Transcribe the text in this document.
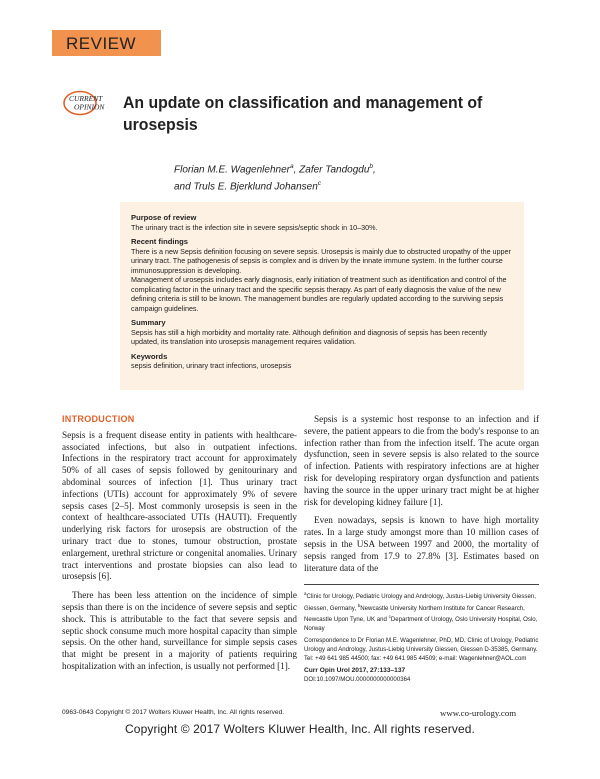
REVIEW
CURRENT
OPINION An update on classification and management of urosepsis
Florian M.E. Wagenlehner$^a$, Zafer Tandogdu$^b$,
and Truls E. Bjerklund Johansen$^c$
Purpose of review

The urinary tract is the infection site in severe sepsis/septic shock in 10–30%.

Recent findings

There is a new Sepsis definition focusing on severe sepsis. Urosepsis is mainly due to obstructed uropathy of the upper urinary tract. The pathogenesis of sepsis is complex and is driven by the innate immune system. In the further course immunosuppression is developing.

Management of urosepsis includes early diagnosis, early initiation of treatment such as identification and control of the complicating factor in the urinary tract and the specific sepsis therapy. As part of early diagnosis the value of the new defining criteria is still to be known. The management bundles are regularly updated according to the surviving sepsis campaign guidelines.

Summary

Sepsis has still a high morbidity and mortality rate. Although definition and diagnosis of sepsis has been recently updated, its translation into urosepsis management requires validation.

Keywords

sepsis definition, urinary tract infections, urosepsis

INTRODUCTION

Sepsis is a frequent disease entity in patients with healthcare-associated infections, but also in outpatient infections. Infections in the respiratory tract account for approximately 50% of all cases of sepsis followed by genitourinary and abdominal sources of infection [1]. Thus urinary tract infections (UTIs) account for approximately 9% of severe sepsis cases [2–5]. Most commonly urosepsis is seen in the context of healthcare-associated UTIs (HAUTI). Frequently underlying risk factors for urosepsis are obstruction of the urinary tract due to stones, tumour obstruction, prostate enlargement, urethral stricture or congenital anomalies. Urinary tract interventions and prostate biopsies can also lead to urosepsis [6].

There has been less attention on the incidence of simple sepsis than there is on the incidence of severe sepsis and septic shock. This is attributable to the fact that severe sepsis and septic shock consume much more hospital capacity than simple sepsis. On the other hand, surveillance for simple sepsis cases that might be present in a majority of patients requiring hospitalization with an infection, is usually not performed [1].

Sepsis is a systemic host response to an infection and if severe, the patient appears to die from the body's response to an infection rather than from the infection itself. The acute organ dysfunction, seen in severe sepsis is also related to the source of infection. Patients with respiratory infections are at higher risk for developing respiratory organ dysfunction and patients having the source in the upper urinary tract might be at higher risk for developing kidney failure [1].

Even nowadays, sepsis is known to have high mortality rates. In a large study amongst more than 10 million cases of sepsis in the USA between 1997 and 2000, the mortality of sepsis ranged from 17.9 to 27.8% [3]. Estimates based on literature data of the

$^a$Clinic for Urology, Pediatric Urology and Andrology, Justus-Liebig University Giessen, Giessen, Germany, $^b$Newcastle University Northern Institute for Cancer Research, Newcastle Upon Tyne, UK and $^c$Department of Urology, Oslo University Hospital, Oslo, Norway

Correspondence to Dr Florian M.E. Wagenlehner, PhD, MD, Clinic of Urology, Pediatric Urology and Andrology, Justus-Liebig University Giessen, Giessen D-35385, Germany. Tel: +49 641 985 44500; fax: +49 641 985 44509; e-mail: Wagenlehner@AOL.com

Curr Opin Urol 2017, 27:133–137
DOI:10.1097/MOU.0000000000000364
0963-0643 Copyright © 2017 Wolters Kluwer Health, Inc. All rights reserved.	www.co-urology.com
Copyright © 2017 Wolters Kluwer Health, Inc. All rights reserved.
